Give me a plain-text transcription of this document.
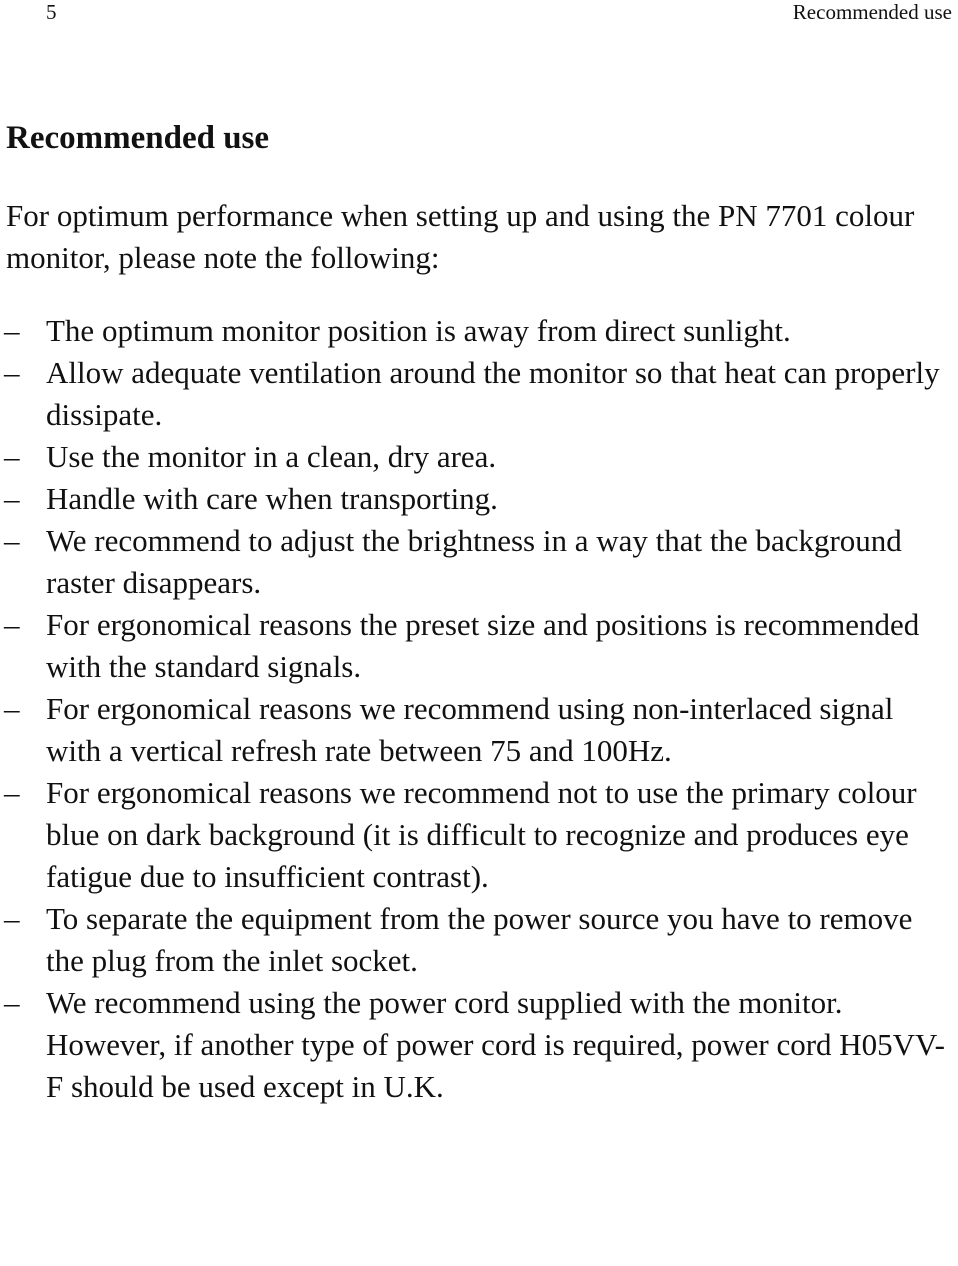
5	Recommended use
Recommended use

For optimum performance when setting up and using the PN 7701 colour monitor, please note the following:

– The optimum monitor position is away from direct sunlight.
– Allow adequate ventilation around the monitor so that heat can properly dissipate.
– Use the monitor in a clean, dry area.
– Handle with care when transporting.
– We recommend to adjust the brightness in a way that the background raster disappears.
– For ergonomical reasons the preset size and positions is recommended with the standard signals.
– For ergonomical reasons we recommend using non-interlaced signal with a vertical refresh rate between 75 and 100Hz.
– For ergonomical reasons we recommend not to use the primary colour blue on dark background (it is difficult to recognize and produces eye fatigue due to insufficient contrast).
– To separate the equipment from the power source you have to remove the plug from the inlet socket.
– We recommend using the power cord supplied with the monitor. However, if another type of power cord is required, power cord H05VV-F should be used except in U.K.
